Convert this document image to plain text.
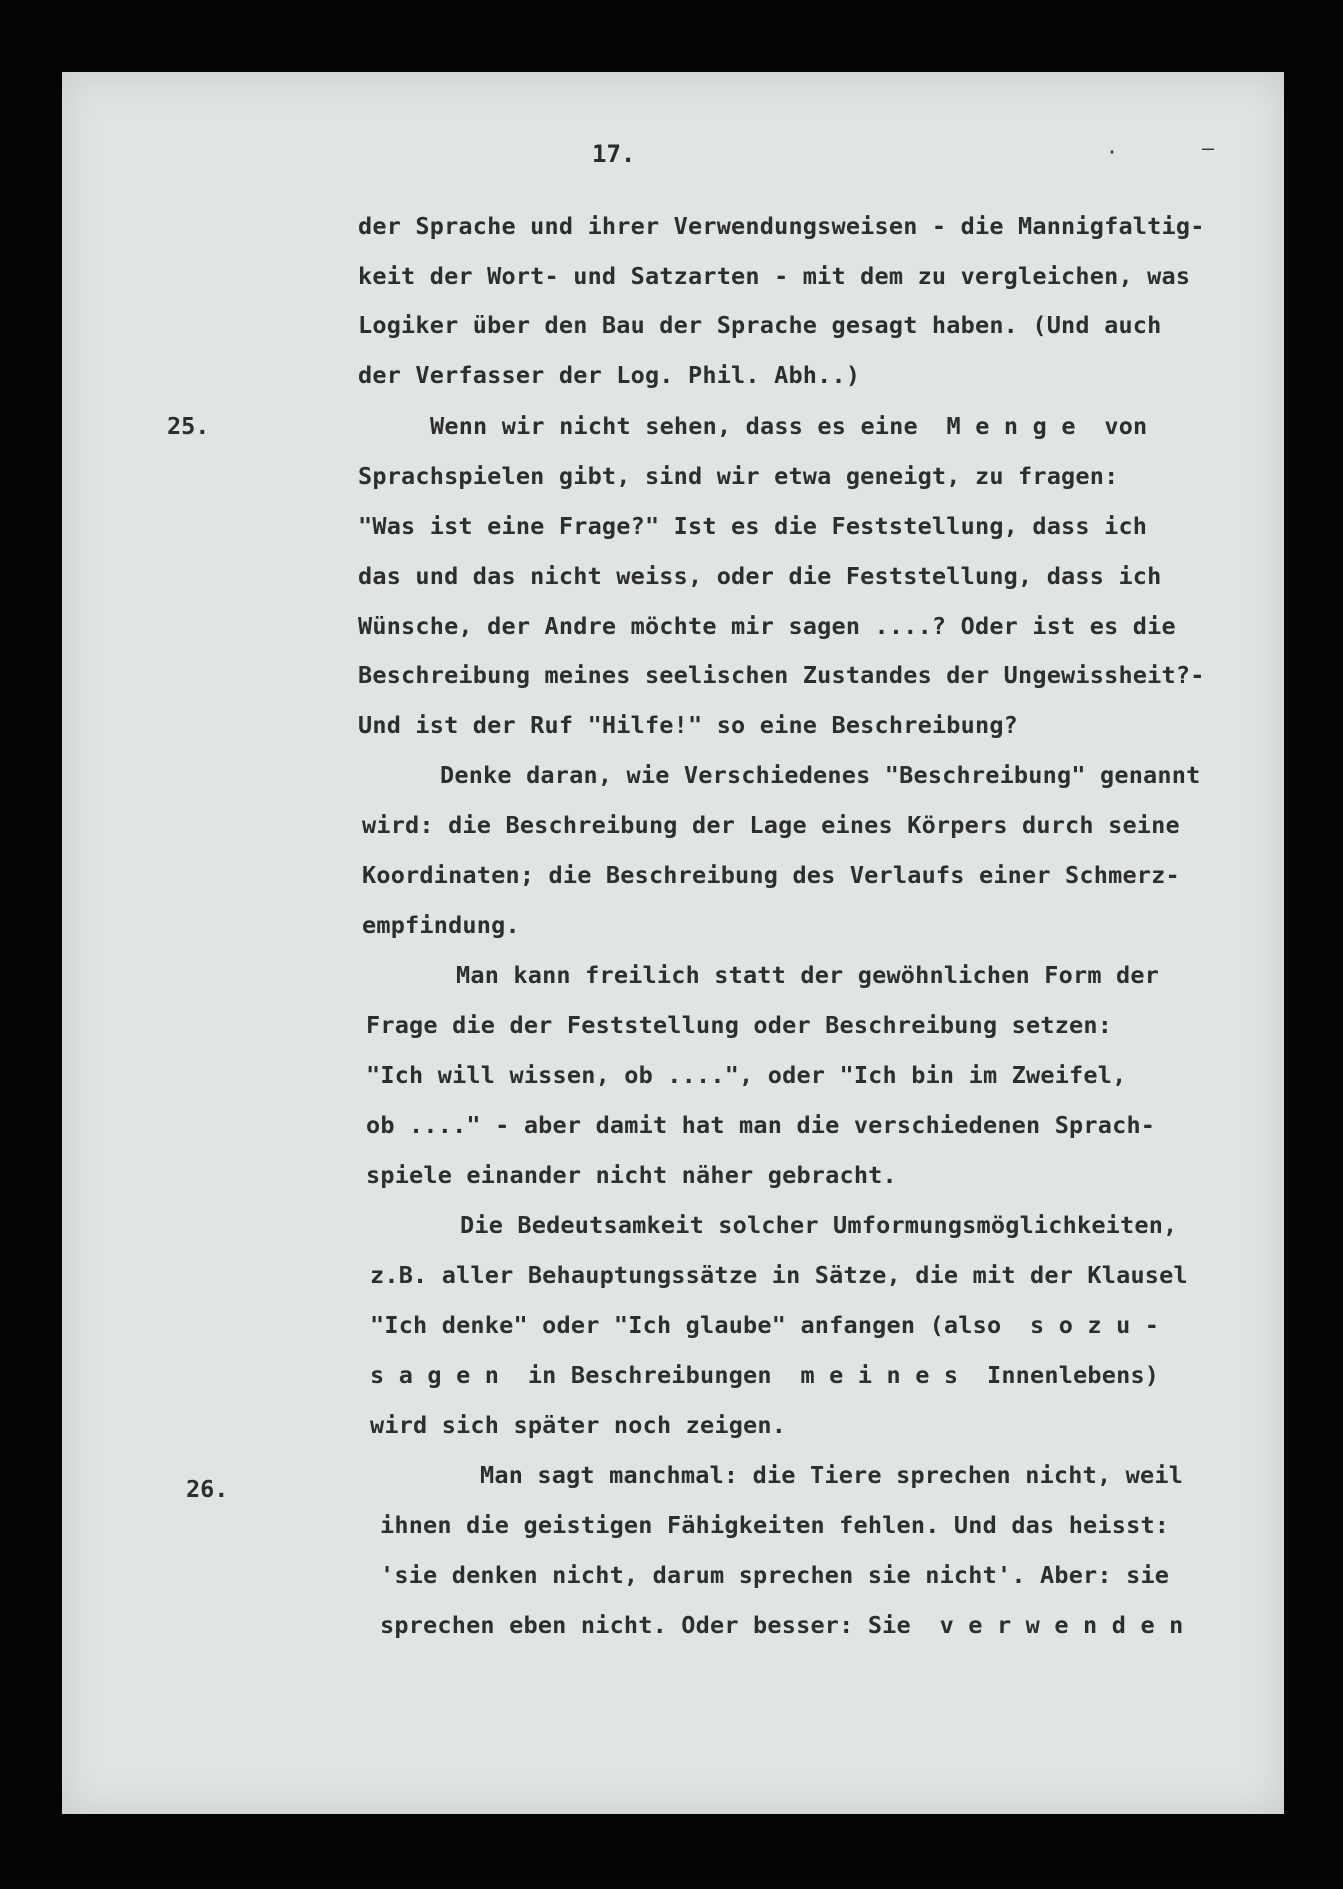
17.	·	–
25.
26.
der Sprache und ihrer Verwendungsweisen - die Mannigfaltig-
keit der Wort- und Satzarten - mit dem zu vergleichen, was
Logiker über den Bau der Sprache gesagt haben. (Und auch
der Verfasser der Log. Phil. Abh..)
Wenn wir nicht sehen, dass es eine  M e n g e  von
Sprachspielen gibt, sind wir etwa geneigt, zu fragen:
"Was ist eine Frage?" Ist es die Feststellung, dass ich
das und das nicht weiss, oder die Feststellung, dass ich
Wünsche, der Andre möchte mir sagen ....? Oder ist es die
Beschreibung meines seelischen Zustandes der Ungewissheit?-
Und ist der Ruf "Hilfe!" so eine Beschreibung?
Denke daran, wie Verschiedenes "Beschreibung" genannt
wird: die Beschreibung der Lage eines Körpers durch seine
Koordinaten; die Beschreibung des Verlaufs einer Schmerz-
empfindung.
Man kann freilich statt der gewöhnlichen Form der
Frage die der Feststellung oder Beschreibung setzen:
"Ich will wissen, ob ....", oder "Ich bin im Zweifel,
ob ...." - aber damit hat man die verschiedenen Sprach-
spiele einander nicht näher gebracht.
Die Bedeutsamkeit solcher Umformungsmöglichkeiten,
z.B. aller Behauptungssätze in Sätze, die mit der Klausel
"Ich denke" oder "Ich glaube" anfangen (also  s o z u -
s a g e n  in Beschreibungen  m e i n e s  Innenlebens)
wird sich später noch zeigen.
Man sagt manchmal: die Tiere sprechen nicht, weil
ihnen die geistigen Fähigkeiten fehlen. Und das heisst:
'sie denken nicht, darum sprechen sie nicht'. Aber: sie
sprechen eben nicht. Oder besser: Sie  v e r w e n d e n
